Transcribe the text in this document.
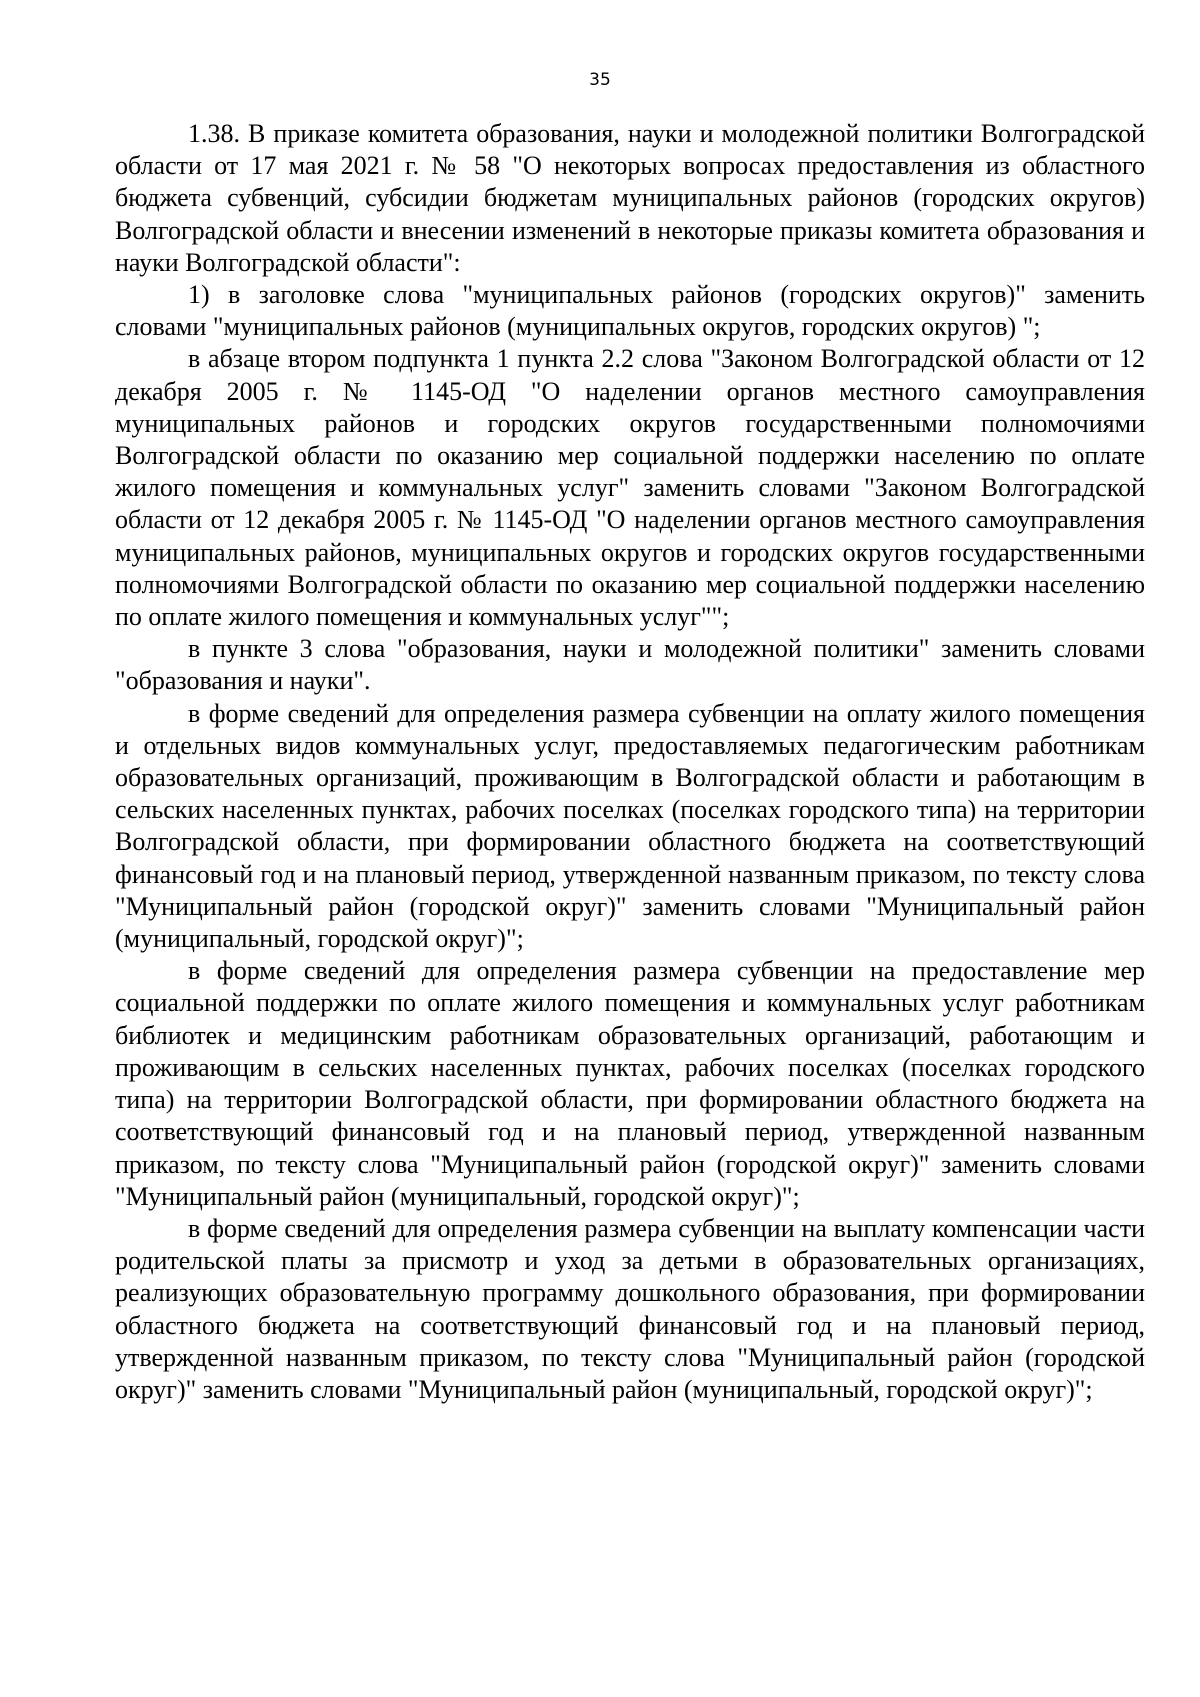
35

1.38. В приказе комитета образования, науки и молодежной политики Волгоградской области от 17 мая 2021 г. № 58 "О некоторых вопросах предоставления из областного бюджета субвенций, субсидии бюджетам муниципальных районов (городских округов) Волгоградской области и внесении изменений в некоторые приказы комитета образования и науки Волгоградской области":

1) в заголовке слова "муниципальных районов (городских округов)" заменить словами "муниципальных районов (муниципальных округов, городских округов) ";

в абзаце втором подпункта 1 пункта 2.2 слова "Законом Волгоградской области от 12 декабря 2005 г. № 1145-ОД "О наделении органов местного самоуправления муниципальных районов и городских округов государственными полномочиями Волгоградской области по оказанию мер социальной поддержки населению по оплате жилого помещения и коммунальных услуг" заменить словами "Законом Волгоградской области от 12 декабря 2005 г. № 1145-ОД "О наделении органов местного самоуправления муниципальных районов, муниципальных округов и городских округов государственными полномочиями Волгоградской области по оказанию мер социальной поддержки населению по оплате жилого помещения и коммунальных услуг"";

в пункте 3 слова "образования, науки и молодежной политики" заменить словами "образования и науки".

в форме сведений для определения размера субвенции на оплату жилого помещения и отдельных видов коммунальных услуг, предоставляемых педагогическим работникам образовательных организаций, проживающим в Волгоградской области и работающим в сельских населенных пунктах, рабочих поселках (поселках городского типа) на территории Волгоградской области, при формировании областного бюджета на соответствующий финансовый год и на плановый период, утвержденной названным приказом, по тексту слова "Муниципальный район (городской округ)" заменить словами "Муниципальный район (муниципальный, городской округ)";

в форме сведений для определения размера субвенции на предоставление мер социальной поддержки по оплате жилого помещения и коммунальных услуг работникам библиотек и медицинским работникам образовательных организаций, работающим и проживающим в сельских населенных пунктах, рабочих поселках (поселках городского типа) на территории Волгоградской области, при формировании областного бюджета на соответствующий финансовый год и на плановый период, утвержденной названным приказом, по тексту слова "Муниципальный район (городской округ)" заменить словами "Муниципальный район (муниципальный, городской округ)";

в форме сведений для определения размера субвенции на выплату компенсации части родительской платы за присмотр и уход за детьми в образовательных организациях, реализующих образовательную программу дошкольного образования, при формировании областного бюджета на соответствующий финансовый год и на плановый период, утвержденной названным приказом, по тексту слова "Муниципальный район (городской округ)" заменить словами "Муниципальный район (муниципальный, городской округ)";
